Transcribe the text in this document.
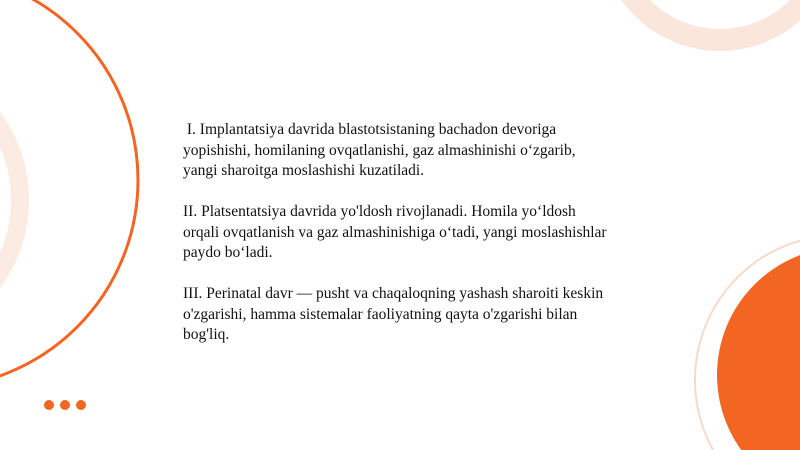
I. Implantatsiya davrida blastotsistaning bachadon devoriga
yopishishi, homilaning ovqatlanishi, gaz almashinishi o‘zgarib,
yangi sharoitga moslashishi kuzatiladi.

II. Platsentatsiya davrida yo'ldosh rivojlanadi. Homila yo‘ldosh
orqali ovqatlanish va gaz almashinishiga o‘tadi, yangi moslashishlar
paydo bo‘ladi.

III. Perinatal davr — pusht va chaqaloqning yashash sharoiti keskin
o'zgarishi, hamma sistemalar faoliyatning qayta o'zgarishi bilan
bog'liq.
